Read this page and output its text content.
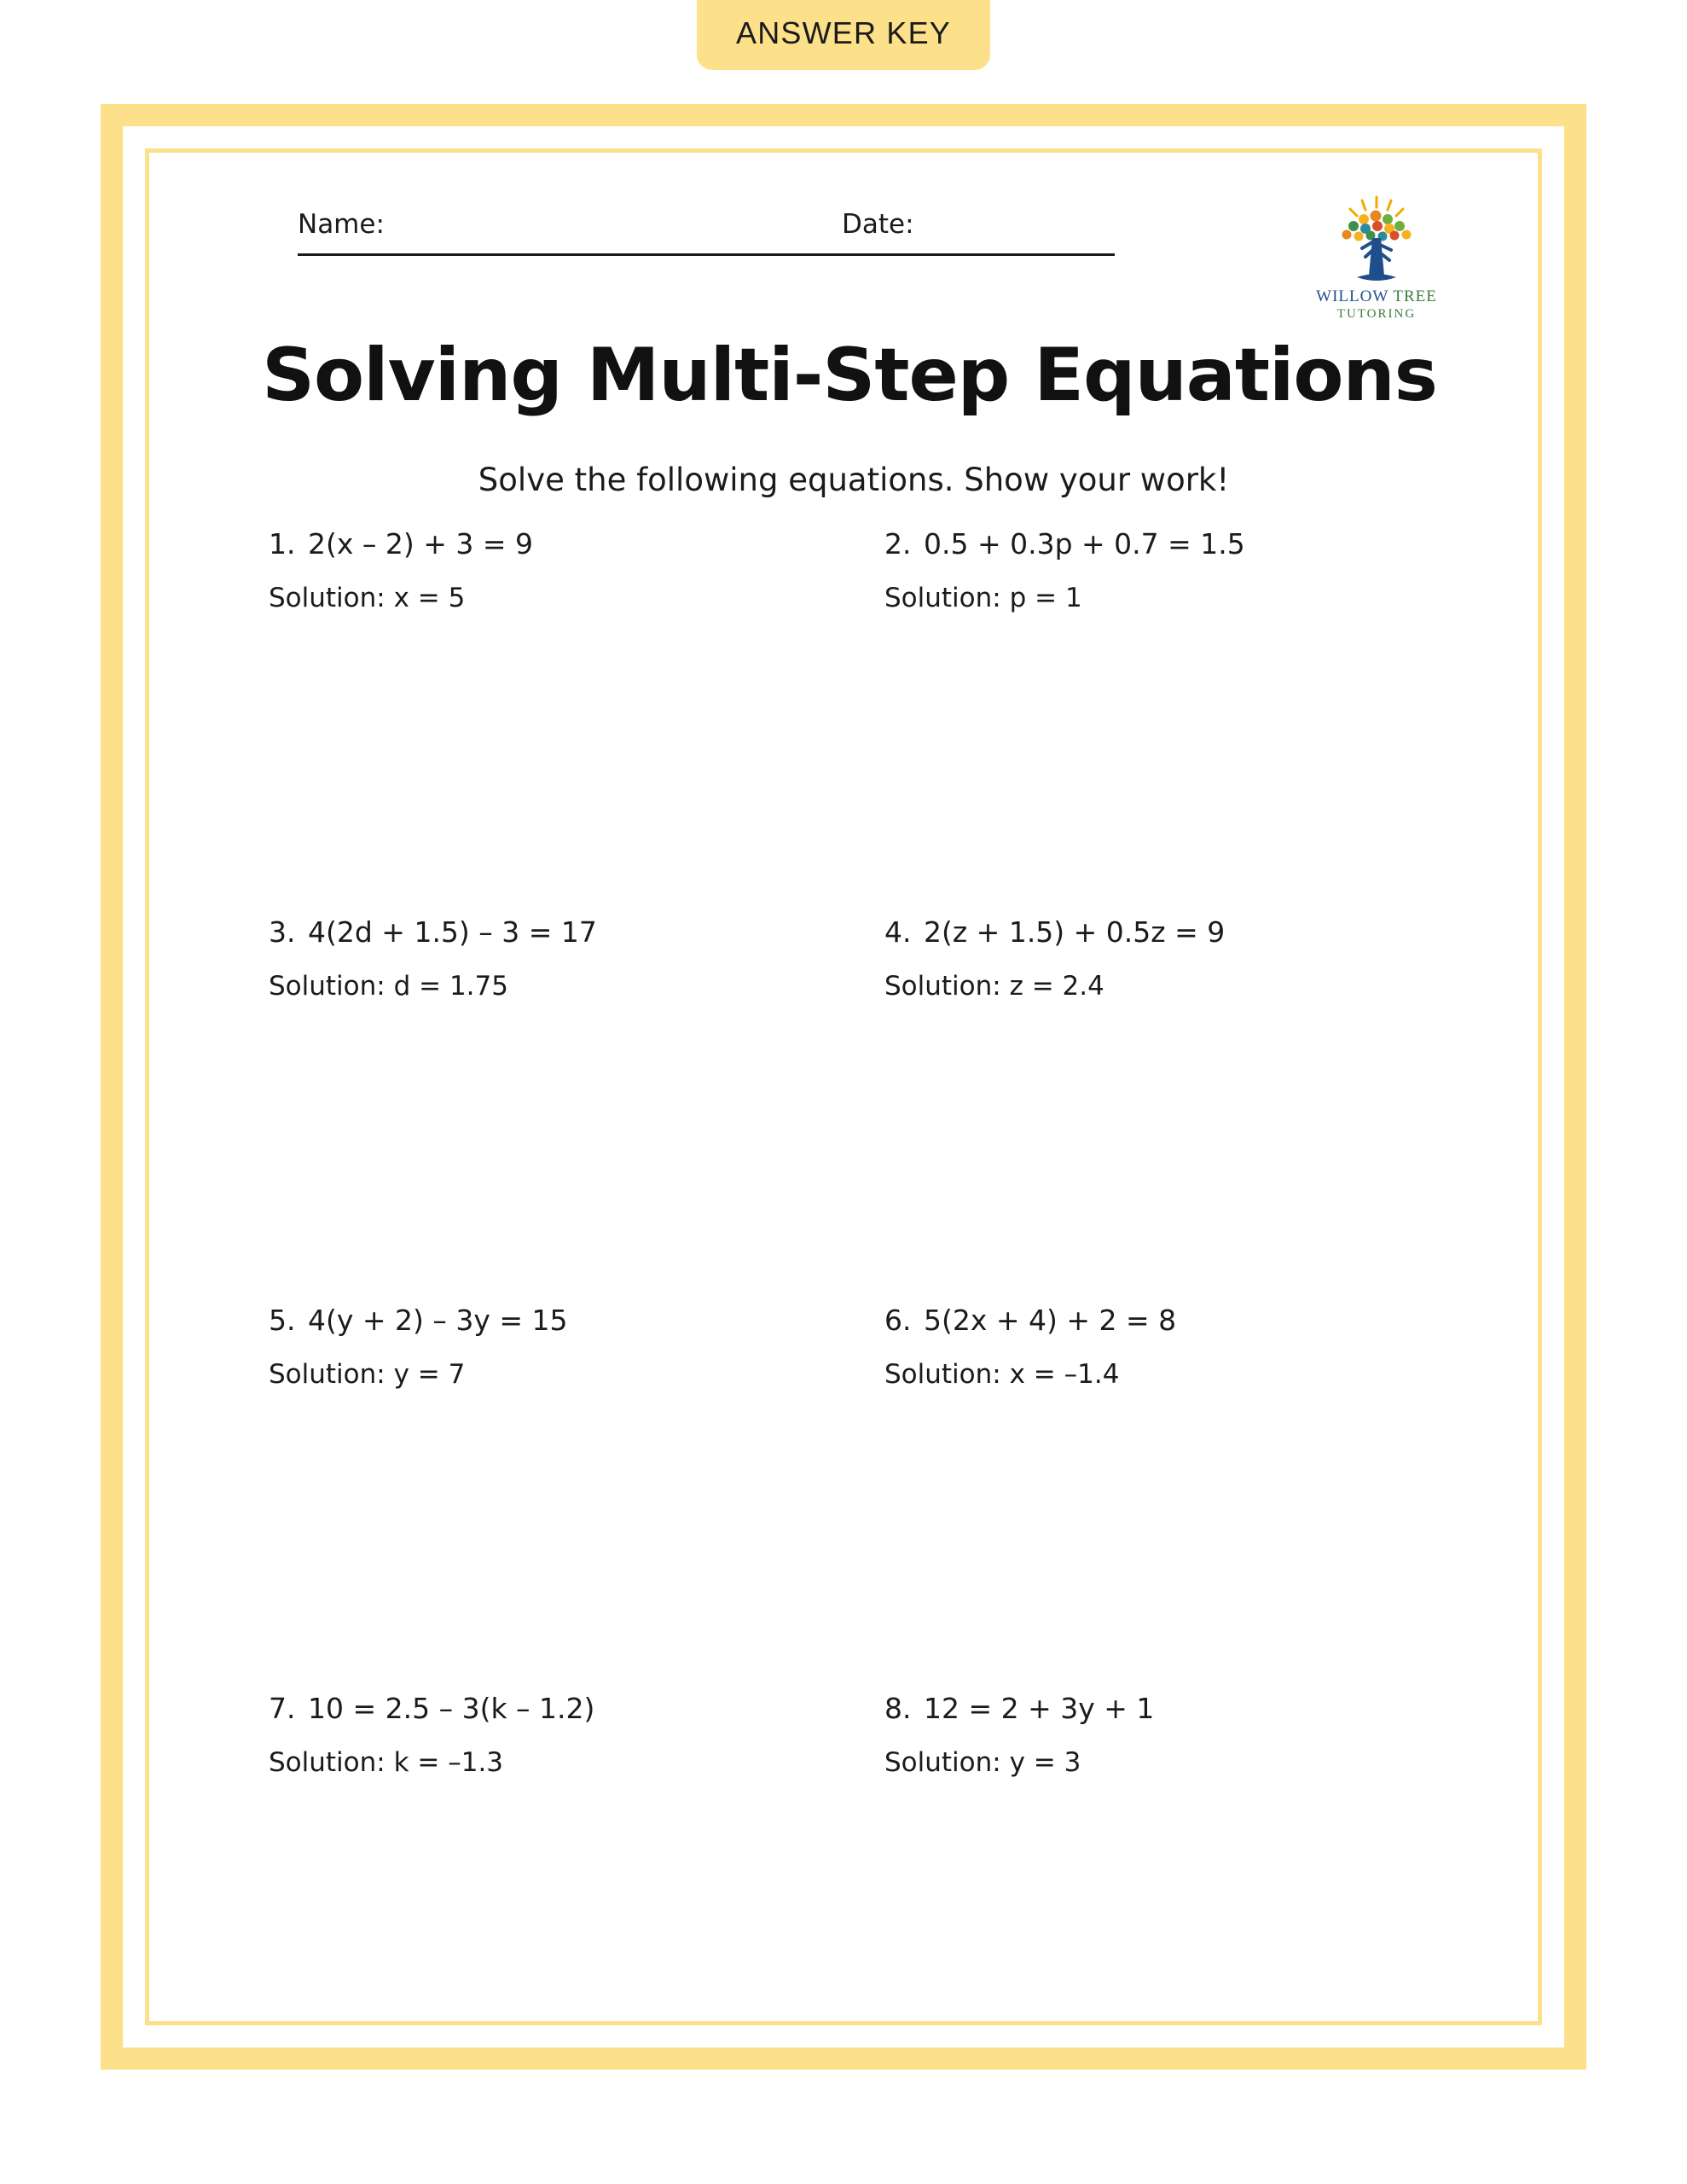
ANSWER KEY
Name:	Date:
WILLOW TREE
TUTORING
Solving Multi-Step Equations
Solve the following equations. Show your work!
1. 2(x – 2) + 3 = 9
Solution: x = 5
2. 0.5 + 0.3p + 0.7 = 1.5
Solution: p = 1
3. 4(2d + 1.5) – 3 = 17
Solution: d = 1.75
4. 2(z + 1.5) + 0.5z = 9
Solution: z = 2.4
5. 4(y + 2) – 3y = 15
Solution: y = 7
6. 5(2x + 4) + 2 = 8
Solution: x = –1.4
7. 10 = 2.5 – 3(k – 1.2)
Solution: k = –1.3
8. 12 = 2 + 3y + 1
Solution: y = 3
